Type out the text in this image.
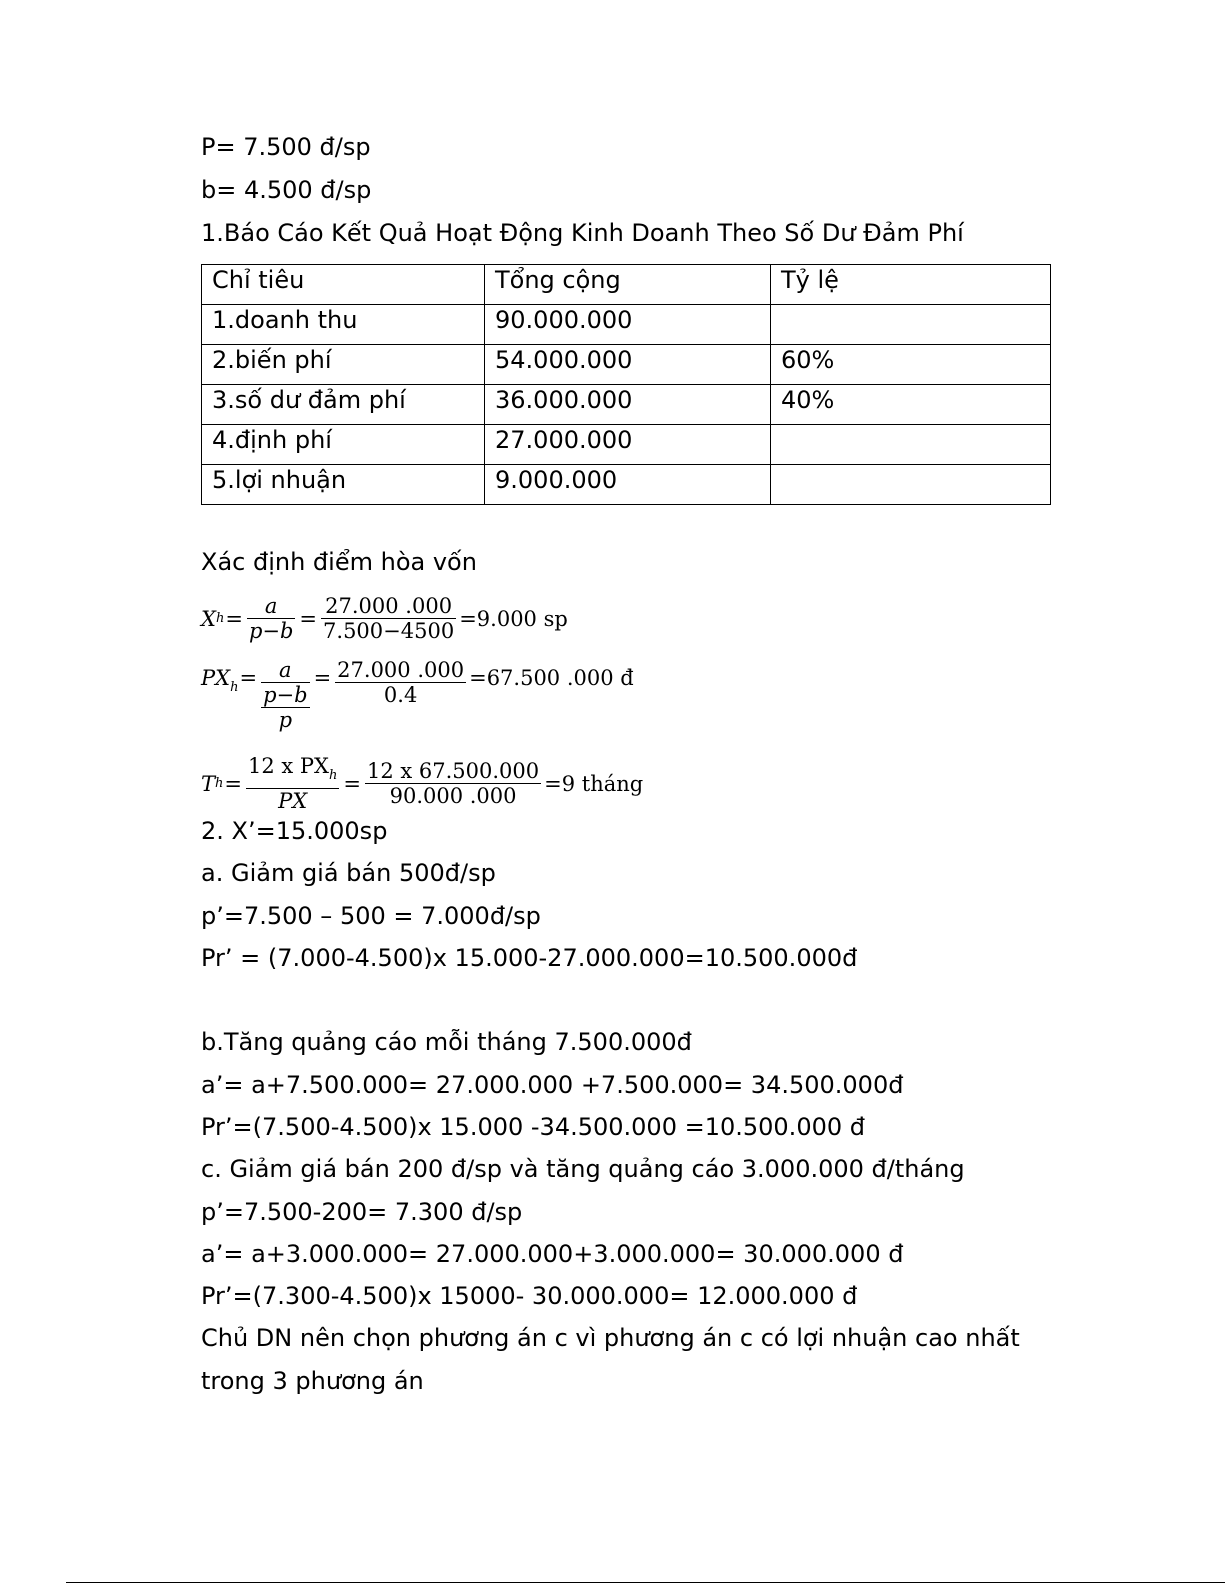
P= 7.500 đ/sp
b= 4.500 đ/sp
1.Báo Cáo Kết Quả Hoạt Động Kinh Doanh Theo Số Dư Đảm Phí
Chỉ tiêu	Tổng cộng	Tỷ lệ
1.doanh thu	90.000.000	
2.biến phí	54.000.000	60%
3.số dư đảm phí	36.000.000	40%
4.định phí	27.000.000	
5.lợi nhuận	9.000.000	
Xác định điểm hòa vốn
X $h = \frac{a}{p-b} = \frac{27.000 .000}{7.500-4500} =9.000$ sp
$PX_h = \frac{a}{\frac{p-b}{p}} = \frac{27.000 .000}{0.4} =67.500$ .000 đ
T $h = \frac{12 x PX_h}{PX} = \frac{12 x 67.500.000}{90.000 .000} =9$ tháng
2. X’=15.000sp
a. Giảm giá bán 500đ/sp
p’=7.500 – 500 = 7.000đ/sp
Pr’ = (7.000-4.500)x 15.000-27.000.000=10.500.000đ
b.Tăng quảng cáo mỗi tháng 7.500.000đ
a’= a+7.500.000= 27.000.000 +7.500.000= 34.500.000đ
Pr’=(7.500-4.500)x 15.000 -34.500.000 =10.500.000 đ
c. Giảm giá bán 200 đ/sp và tăng quảng cáo 3.000.000 đ/tháng
p’=7.500-200= 7.300 đ/sp
a’= a+3.000.000= 27.000.000+3.000.000= 30.000.000 đ
Pr’=(7.300-4.500)x 15000- 30.000.000= 12.000.000 đ
Chủ DN nên chọn phương án c vì phương án c có lợi nhuận cao nhất
trong 3 phương án
